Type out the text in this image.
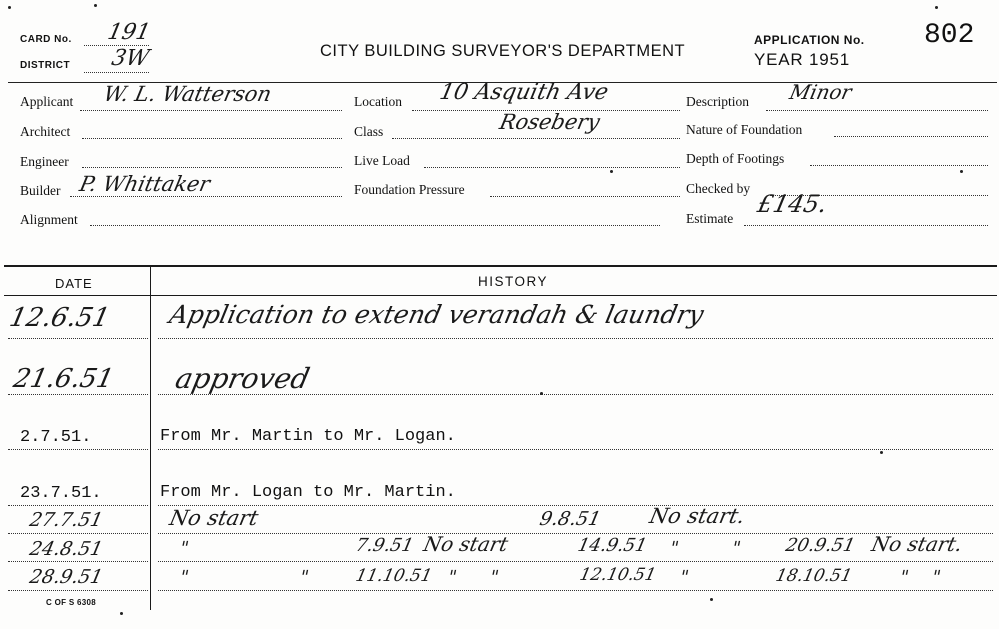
CARD No. 191
DISTRICT 3W	CITY BUILDING SURVEYOR'S DEPARTMENT
APPLICATION No. 802
YEAR 1951
Applicant W. L. Watterson
Architect
Engineer
Builder P. Whittaker
Alignment
Location 10 Asquith Ave
Rosebery
Class
Live Load
Foundation Pressure
Description Minor
Nature of Foundation
Depth of Footings
Checked by
Estimate
£145.
DATE	HISTORY
12.6.51 Application to extend verandah & laundry
21.6.51 approved
2.7.51.	From Mr. Martin to Mr. Logan.
23.7.51.	From Mr. Logan to Mr. Martin.
27.7.51	No start	9.8.51 No start.
24.8.51	"	7.9.51 No start	14.9.51 "	" 20.9.51 No start.
28.9.51	"	"	11.10.51 " "	12.10.51 "	18.10.51 " "
C OF S 6308
